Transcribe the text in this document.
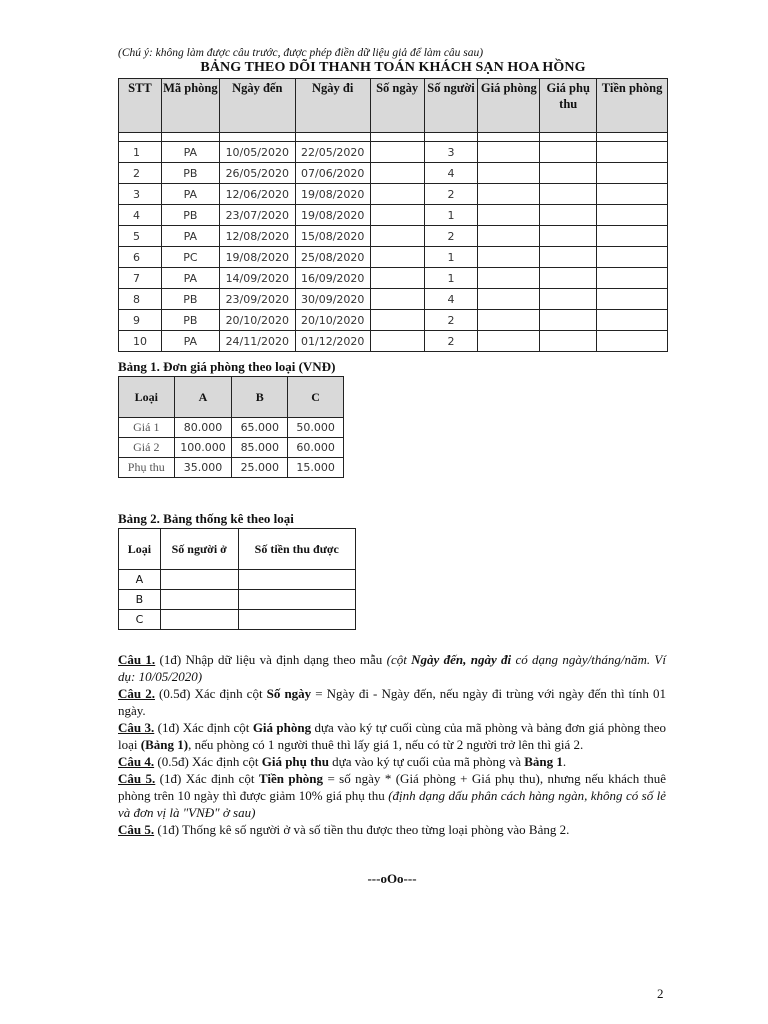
(Chú ý: không làm được câu trước, được phép điền dữ liệu giả để làm câu sau)
BẢNG THEO DÕI THANH TOÁN KHÁCH SẠN HOA HỒNG
STT	Mã phòng	Ngày đến	Ngày đi	Số ngày	Số người	Giá phòng	Giá phụ thu	Tiền phòng

1	PA	10/05/2020	22/05/2020		3			
2	PB	26/05/2020	07/06/2020		4			
3	PA	12/06/2020	19/08/2020		2			
4	PB	23/07/2020	19/08/2020		1			
5	PA	12/08/2020	15/08/2020		2			
6	PC	19/08/2020	25/08/2020		1			
7	PA	14/09/2020	16/09/2020		1			
8	PB	23/09/2020	30/09/2020		4			
9	PB	20/10/2020	20/10/2020		2			
10	PA	24/11/2020	01/12/2020		2			
Bảng 1. Đơn giá phòng theo loại (VNĐ)
Loại	A	B	C
Giá 1	80.000	65.000	50.000
Giá 2	100.000	85.000	60.000
Phụ thu	35.000	25.000	15.000
Bảng 2. Bảng thống kê theo loại
Loại	Số người ở	Số tiền thu được
A		
B		
C		

Câu 1. (1đ) Nhập dữ liệu và định dạng theo mẫu (cột Ngày đến, ngày đi có dạng ngày/tháng/năm. Ví dụ: 10/05/2020)

Câu 2. (0.5đ) Xác định cột Số ngày = Ngày đi - Ngày đến, nếu ngày đi trùng với ngày đến thì tính 01 ngày.

Câu 3. (1đ) Xác định cột Giá phòng dựa vào ký tự cuối cùng của mã phòng và bảng đơn giá phòng theo loại (Bảng 1), nếu phòng có 1 người thuê thì lấy giá 1, nếu có từ 2 người trở lên thì giá 2.

Câu 4. (0.5đ) Xác định cột Giá phụ thu dựa vào ký tự cuối của mã phòng và Bảng 1.

Câu 5. (1đ) Xác định cột Tiền phòng = số ngày * (Giá phòng + Giá phụ thu), nhưng nếu khách thuê phòng trên 10 ngày thì được giảm 10% giá phụ thu (định dạng dấu phân cách hàng ngàn, không có số lẻ và đơn vị là "VNĐ" ở sau)

Câu 5. (1đ) Thống kê số người ở và số tiền thu được theo từng loại phòng vào Bảng 2.

---oOo---
2
